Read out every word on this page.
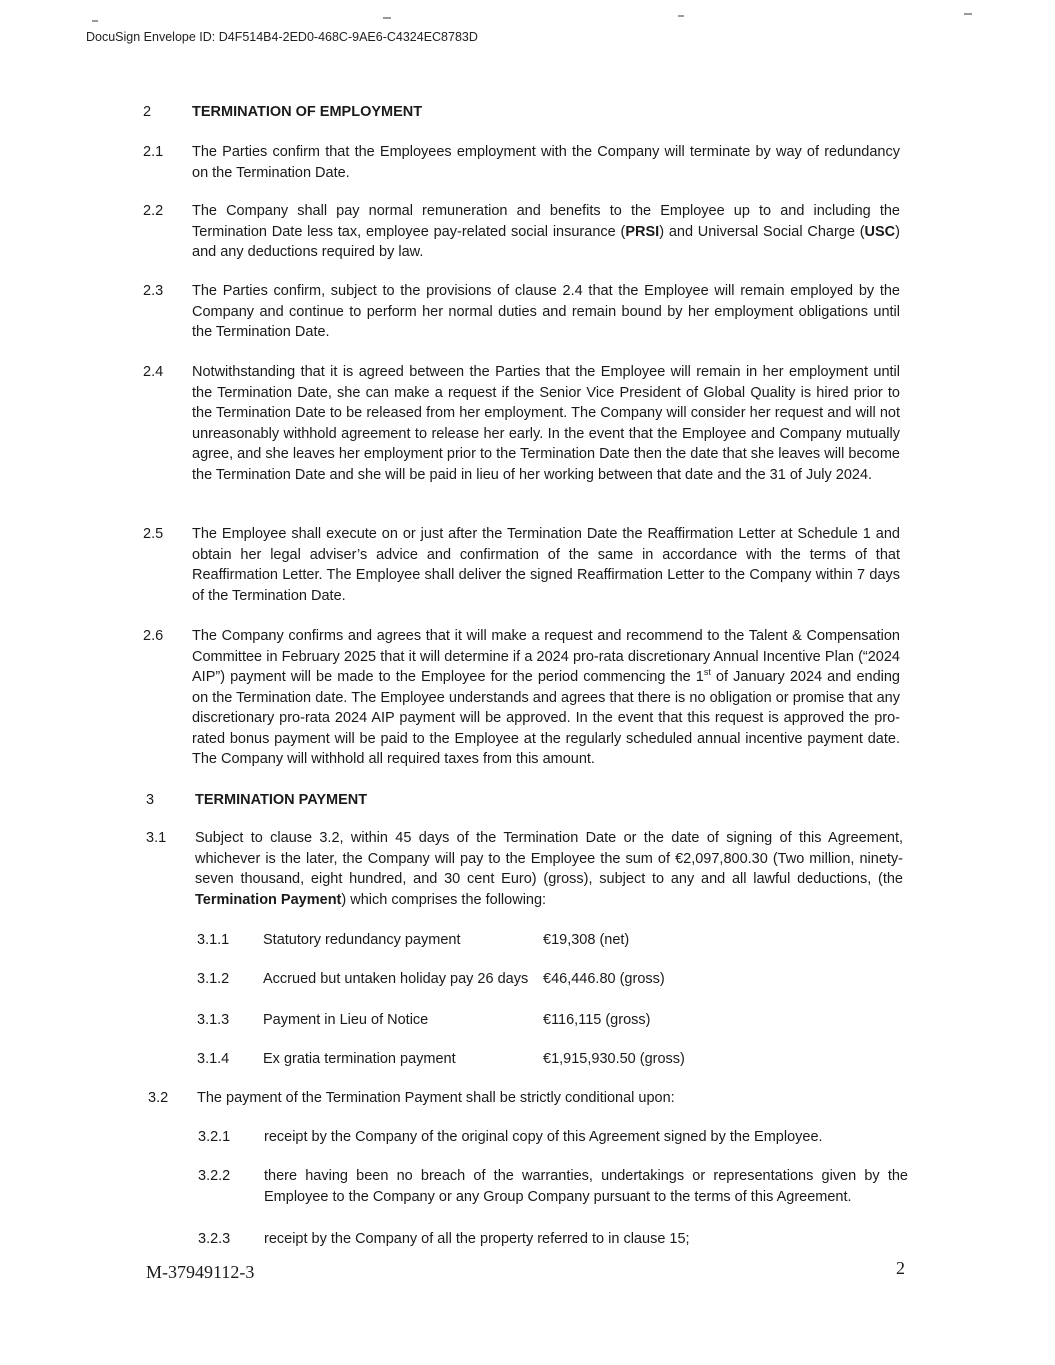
DocuSign Envelope ID: D4F514B4-2ED0-468C-9AE6-C4324EC8783D
2	TERMINATION OF EMPLOYMENT
2.1 The Parties confirm that the Employees employment with the Company will terminate by way of redundancy on the Termination Date.
2.2 The Company shall pay normal remuneration and benefits to the Employee up to and including the Termination Date less tax, employee pay-related social insurance (PRSI) and Universal Social Charge (USC) and any deductions required by law.
2.3 The Parties confirm, subject to the provisions of clause 2.4 that the Employee will remain employed by the Company and continue to perform her normal duties and remain bound by her employment obligations until the Termination Date.
2.4 Notwithstanding that it is agreed between the Parties that the Employee will remain in her employment until the Termination Date, she can make a request if the Senior Vice President of Global Quality is hired prior to the Termination Date to be released from her employment. The Company will consider her request and will not unreasonably withhold agreement to release her early. In the event that the Employee and Company mutually agree, and she leaves her employment prior to the Termination Date then the date that she leaves will become the Termination Date and she will be paid in lieu of her working between that date and the 31 of July 2024.
2.5 The Employee shall execute on or just after the Termination Date the Reaffirmation Letter at Schedule 1 and obtain her legal adviser’s advice and confirmation of the same in accordance with the terms of that Reaffirmation Letter. The Employee shall deliver the signed Reaffirmation Letter to the Company within 7 days of the Termination Date.
2.6 The Company confirms and agrees that it will make a request and recommend to the Talent & Compensation Committee in February 2025 that it will determine if a 2024 pro-rata discretionary Annual Incentive Plan (“2024 AIP”) payment will be made to the Employee for the period commencing the 1st of January 2024 and ending on the Termination date. The Employee understands and agrees that there is no obligation or promise that any discretionary pro-rata 2024 AIP payment will be approved. In the event that this request is approved the pro-rated bonus payment will be paid to the Employee at the regularly scheduled annual incentive payment date. The Company will withhold all required taxes from this amount.
3	TERMINATION PAYMENT
3.1 Subject to clause 3.2, within 45 days of the Termination Date or the date of signing of this Agreement, whichever is the later, the Company will pay to the Employee the sum of €2,097,800.30 (Two million, ninety-seven thousand, eight hundred, and 30 cent Euro) (gross), subject to any and all lawful deductions, (the Termination Payment) which comprises the following:
3.1.1 Statutory redundancy payment	€19,308 (net)
3.1.2 Accrued but untaken holiday pay 26 days €46,446.80 (gross)
3.1.3 Payment in Lieu of Notice	€116,115 (gross)
3.1.4 Ex gratia termination payment	€1,915,930.50 (gross)
3.2 The payment of the Termination Payment shall be strictly conditional upon:
3.2.1 receipt by the Company of the original copy of this Agreement signed by the Employee.
3.2.2 there having been no breach of the warranties, undertakings or representations given by the Employee to the Company or any Group Company pursuant to the terms of this Agreement.
3.2.3 receipt by the Company of all the property referred to in clause 15;
M-37949112-3	2
